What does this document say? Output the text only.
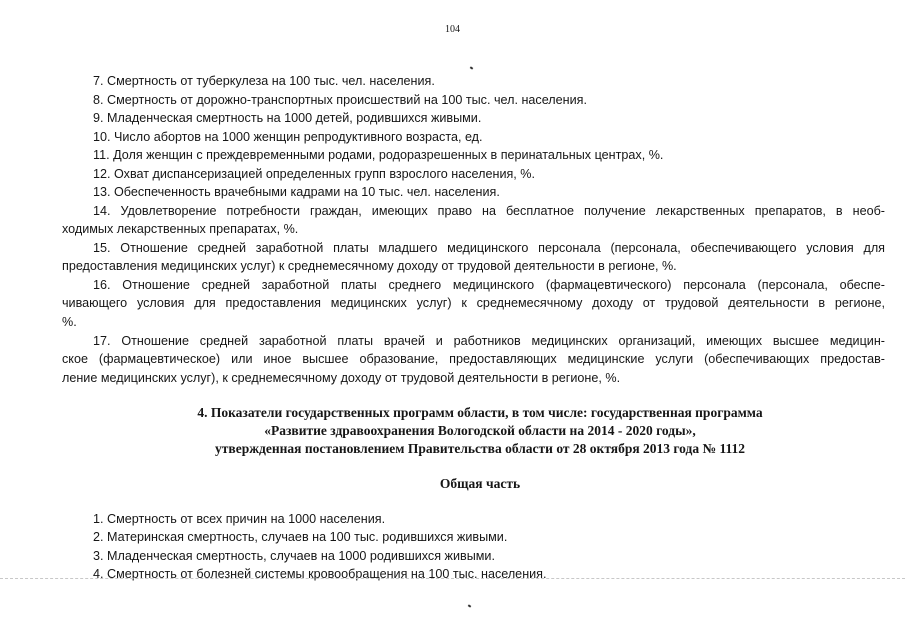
104
7. Смертность от туберкулеза на 100 тыс. чел. населения.
8. Смертность от дорожно-транспортных происшествий на 100 тыс. чел. населения.
9. Младенческая смертность на 1000 детей, родившихся живыми.
10. Число абортов на 1000 женщин репродуктивного возраста, ед.
11. Доля женщин с преждевременными родами, родоразрешенных в перинатальных центрах, %.
12. Охват диспансеризацией определенных групп взрослого населения, %.
13. Обеспеченность врачебными кадрами на 10 тыс. чел. населения.
14. Удовлетворение потребности граждан, имеющих право на бесплатное получение лекарственных препаратов, в необ-
ходимых лекарственных препаратах, %.
15. Отношение средней заработной платы младшего медицинского персонала (персонала, обеспечивающего условия для
предоставления медицинских услуг) к среднемесячному доходу от трудовой деятельности в регионе, %.
16. Отношение средней заработной платы среднего медицинского (фармацевтического) персонала (персонала, обеспе-
чивающего условия для предоставления медицинских услуг) к среднемесячному доходу от трудовой деятельности в регионе,
%.
17. Отношение средней заработной платы врачей и работников медицинских организаций, имеющих высшее медицин-
ское (фармацевтическое) или иное высшее образование, предоставляющих медицинские услуги (обеспечивающих предостав-
ление медицинских услуг), к среднемесячному доходу от трудовой деятельности в регионе, %.
4. Показатели государственных программ области, в том числе: государственная программа
«Развитие здравоохранения Вологодской области на 2014 - 2020 годы»,
утвержденная постановлением Правительства области от 28 октября 2013 года № 1112
Общая часть
1. Смертность от всех причин на 1000 населения.
2. Материнская смертность, случаев на 100 тыс. родившихся живыми.
3. Младенческая смертность, случаев на 1000 родившихся живыми.
4. Смертность от болезней системы кровообращения на 100 тыс. населения.
